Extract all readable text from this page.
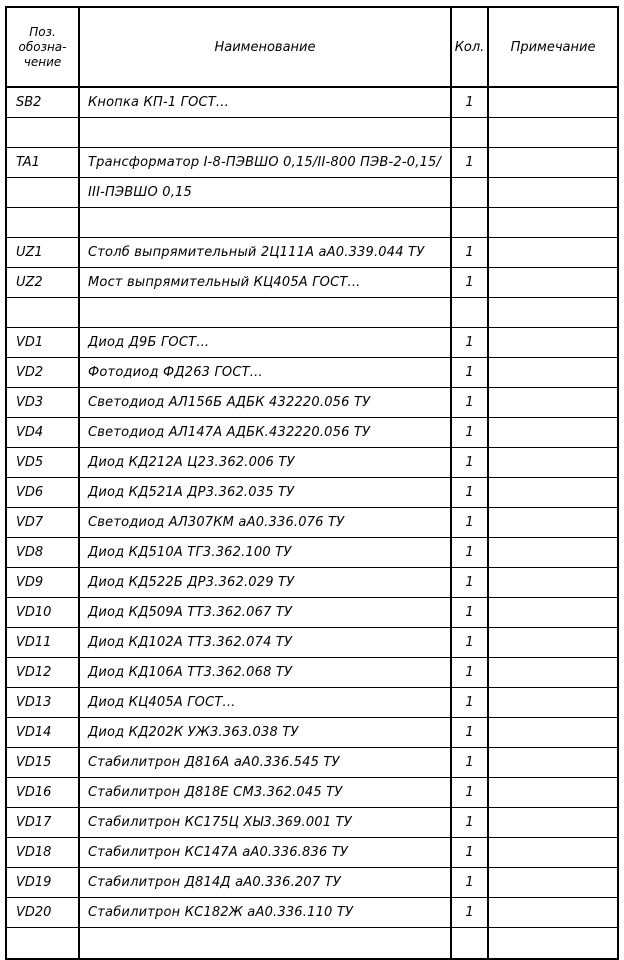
Поз.
обозна-
чение	Наименование	Кол.	Примечание
SB2	Кнопка КП-1 ГОСТ...	1	

TA1	Трансформатор I-8-ПЭВШО 0,15/II-800 ПЭВ-2-0,15/	1	
	III-ПЭВШО 0,15		

UZ1	Столб выпрямительный 2Ц111А аА0.339.044 ТУ	1	
UZ2	Мост выпрямительный КЦ405А ГОСТ...	1	

VD1	Диод Д9Б ГОСТ...	1	
VD2	Фотодиод ФД263 ГОСТ...	1	
VD3	Светодиод АЛ156Б АДБК 432220.056 ТУ	1	
VD4	Светодиод АЛ147А АДБК.432220.056 ТУ	1	
VD5	Диод КД212А Ц23.362.006 ТУ	1	
VD6	Диод КД521А ДР3.362.035 ТУ	1	
VD7	Светодиод АЛ307КМ аА0.336.076 ТУ	1	
VD8	Диод КД510А ТГ3.362.100 ТУ	1	
VD9	Диод КД522Б ДР3.362.029 ТУ	1	
VD10	Диод КД509А ТТ3.362.067 ТУ	1	
VD11	Диод КД102А ТТ3.362.074 ТУ	1	
VD12	Диод КД106А ТТ3.362.068 ТУ	1	
VD13	Диод КЦ405А ГОСТ...	1	
VD14	Диод КД202К УЖ3.363.038 ТУ	1	
VD15	Стабилитрон Д816А аА0.336.545 ТУ	1	
VD16	Стабилитрон Д818Е СМ3.362.045 ТУ	1	
VD17	Стабилитрон КС175Ц ХЫ3.369.001 ТУ	1	
VD18	Стабилитрон КС147А аА0.336.836 ТУ	1	
VD19	Стабилитрон Д814Д аА0.336.207 ТУ	1	
VD20	Стабилитрон КС182Ж аА0.336.110 ТУ	1	
